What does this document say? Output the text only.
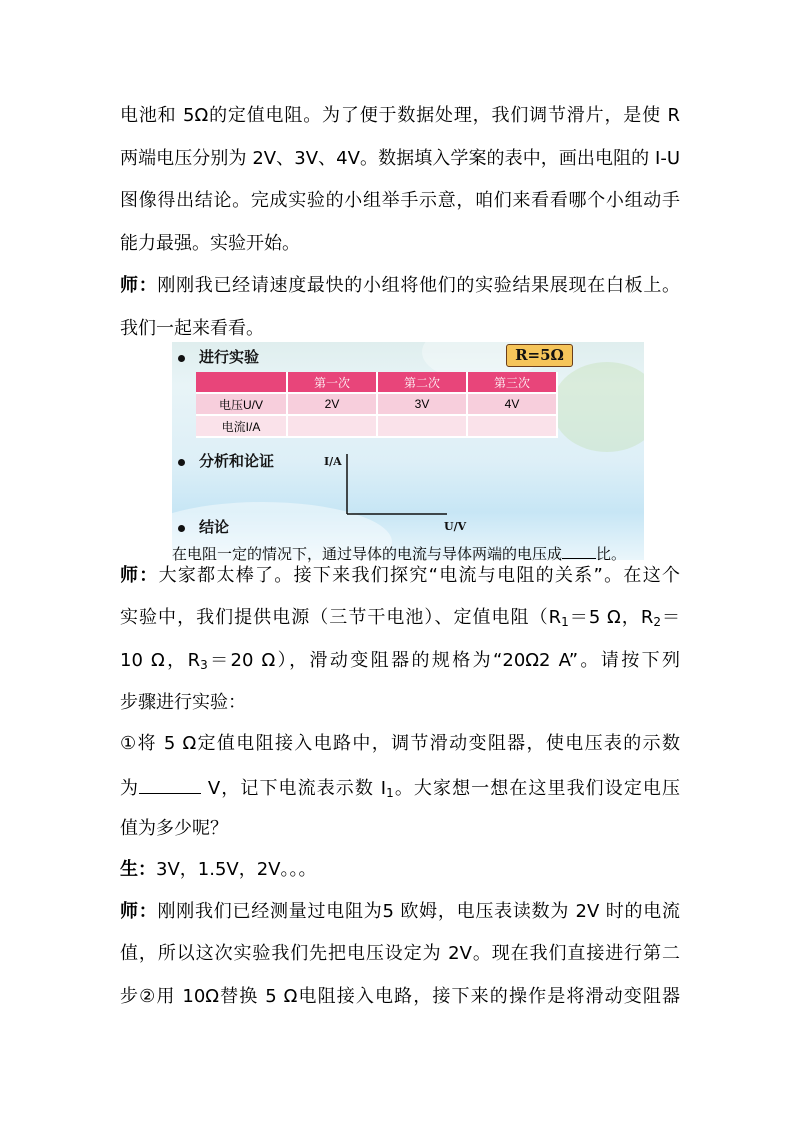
电池和 5Ω的定值电阻。为了便于数据处理，我们调节滑片，是使 R
两端电压分别为 2V、3V、4V。数据填入学案的表中，画出电阻的 I-U
图像得出结论。完成实验的小组举手示意，咱们来看看哪个小组动手
能力最强。实验开始。
师：刚刚我已经请速度最快的小组将他们的实验结果展现在白板上。
我们一起来看看。
进行实验	R=5Ω
	第一次	第二次	第三次
电压U/V	2V	3V	4V
电流I/A			
分析和论证	I/A
U/V
结论
在电阻一定的情况下，通过导体的电流与导体两端的电压成 比。
师：大家都太棒了。接下来我们探究“电流与电阻的关系”。在这个
实验中，我们提供电源（三节干电池）、定值电阻（$R_1=5$ Ω，$R_2=$
10 Ω，$R_3=20$ Ω），滑动变阻器的规格为“20Ω2 A”。请按下列
步骤进行实验：
①将 5 Ω定值电阻接入电路中，调节滑动变阻器，使电压表的示数
为	V，记下电流表示数 $I_1$。大家想一想在这里我们设定电压
值为多少呢？
生：3V，1.5V，2V。。。
师：刚刚我们已经测量过电阻为5 欧姆，电压表读数为 2V 时的电流
值，所以这次实验我们先把电压设定为 2V。现在我们直接进行第二
步②用 10Ω替换 5 Ω电阻接入电路，接下来的操作是将滑动变阻器
